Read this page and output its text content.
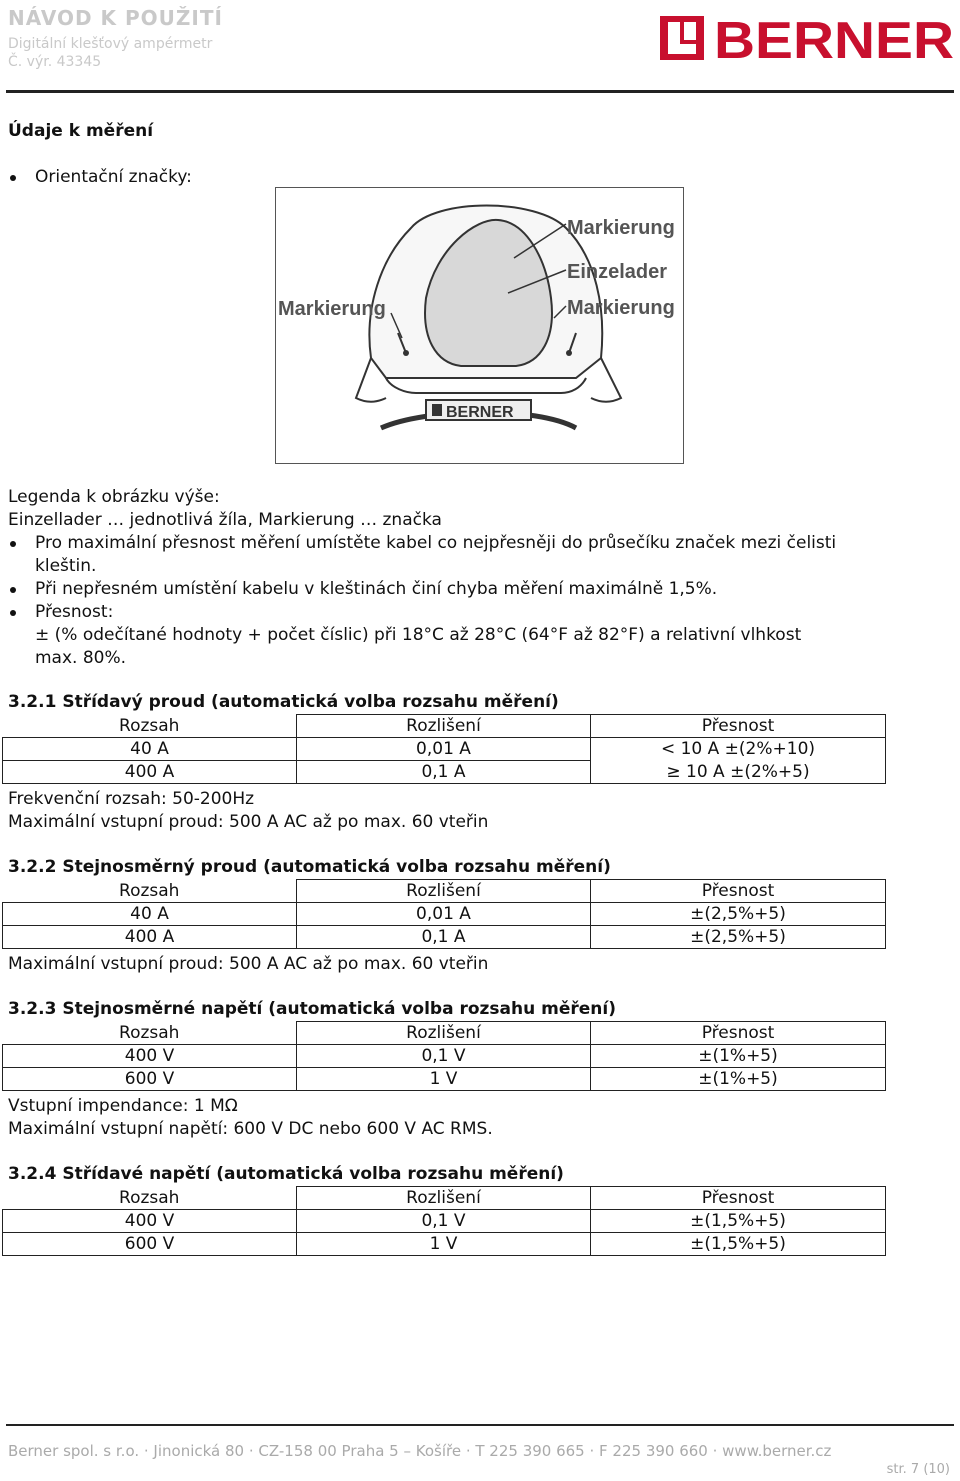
NÁVOD K POUŽITÍ
Digitální klešťový ampérmetr
Č. výr. 43345	BERNER
Údaje k měření
Orientační značky:
BERNER
Markierung
Einzelader
Markierung
Markierung
Legenda k obrázku výše:
Einzellader … jednotlivá žíla, Markierung … značka
Pro maximální přesnost měření umístěte kabel co nejpřesněji do průsečíku značek mezi čelisti
kleštin.
Při nepřesném umístění kabelu v kleštinách činí chyba měření maximálně 1,5%.
Přesnost:
± (% odečítané hodnoty + počet číslic) při 18°C až 28°C (64°F až 82°F) a relativní vlhkost
max. 80%.
3.2.1 Střídavý proud (automatická volba rozsahu měření)
Rozsah	Rozlišení	Přesnost
40 A	0,01 A	< 10 A ±(2%+10)
400 A	0,1 A	≥ 10 A ±(2%+5)
Frekvenční rozsah: 50-200Hz
Maximální vstupní proud: 500 A AC až po max. 60 vteřin
3.2.2 Stejnosměrný proud (automatická volba rozsahu měření)
Rozsah	Rozlišení	Přesnost
40 A	0,01 A	±(2,5%+5)
400 A	0,1 A	±(2,5%+5)
Maximální vstupní proud: 500 A AC až po max. 60 vteřin
3.2.3 Stejnosměrné napětí (automatická volba rozsahu měření)
Rozsah	Rozlišení	Přesnost
400 V	0,1 V	±(1%+5)
600 V	1 V	±(1%+5)
Vstupní impendance: 1 MΩ
Maximální vstupní napětí: 600 V DC nebo 600 V AC RMS.
3.2.4 Střídavé napětí (automatická volba rozsahu měření)
Rozsah	Rozlišení	Přesnost
400 V	0,1 V	±(1,5%+5)
600 V	1 V	±(1,5%+5)
Berner spol. s r.o. · Jinonická 80 · CZ-158 00 Praha 5 – Košíře · T 225 390 665 · F 225 390 660 · www.berner.cz
str. 7 (10)
